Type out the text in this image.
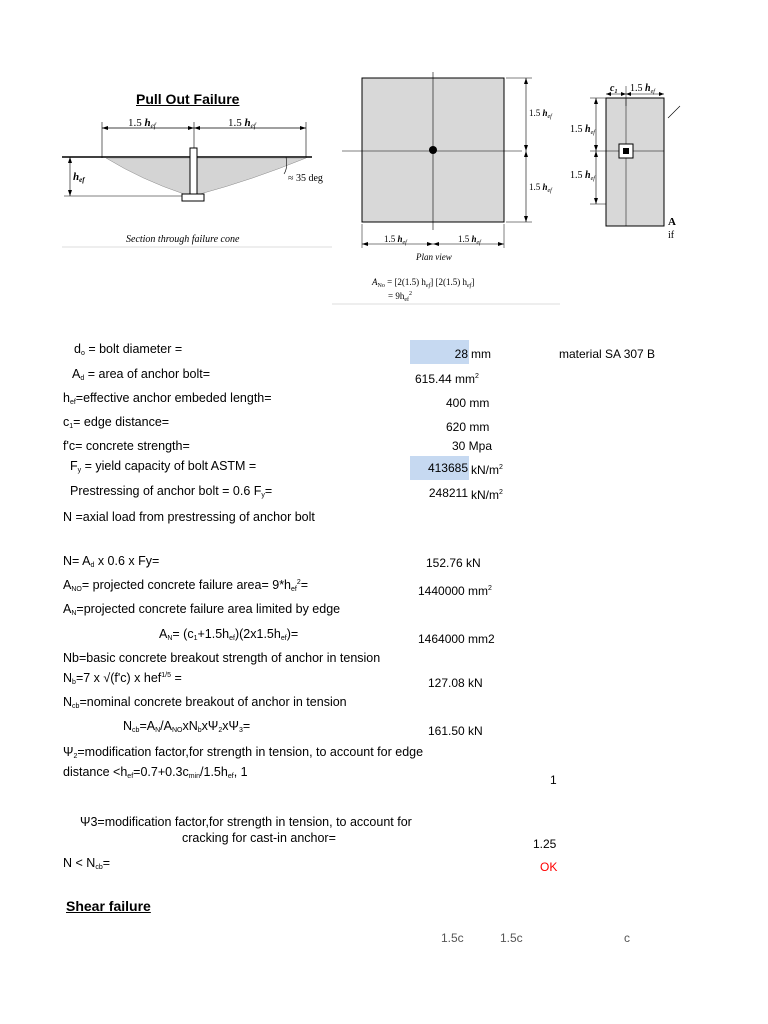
Pull Out Failure
1.5 hef	1.5 hef
hef	≈ 35 deg
Section through failure cone
1.5 $h_{ef}$
1.5 $h_{ef}$
1.5 $h_{ef}$	1.5 $h_{ef}$
Plan view
$A_{No} = [2(1.5)$ $h_{ef}$] [2(1.5) $h_{ef}$]
= $9h_{ef}^2$
$c_1$ 1.5 $h_{ef}$
1.5 $h_{ef}$
1.5 $h_{ef}$
A
if
$d_o$ = bolt diameter =	28 mm	material SA 307 B
$A_d$ = area of anchor bolt=	615.44 $mm^2$
$h_{ef}=effective$ anchor embeded length=	400 mm
$c_1=$ edge distance=	620 mm
f'c= concrete strength=	30 Mpa
$F_y$ = yield capacity of bolt ASTM =	413685 $kN/m^2$
Prestressing of anchor bolt = 0.6 $F_y=$	248211 $kN/m^2$
N =axial load from prestressing of anchor bolt
$N= A_d$ x 0.6 x Fy=	152.76 kN
$A_{NO}=$ projected concrete failure area= $9*h_{ef}^2=$	1440000 $mm^2$
$A_N=projected$ concrete failure area limited by edge
$A_N= (c_1+1.5h_{ef})(2x1.5h_{ef})=$	1464000 mm2
Nb=basic concrete breakout strength of anchor in tension
$N_b=7$ x √(f'c) x hef$^{1/5}$ =	127.08 kN
$N_{cb}=nominal$ concrete breakout of anchor in tension
$N_{cb}=A_N/A_{NO}xN_bx\Psi_2x\Psi_3=$	161.50 kN
$\Psi_2=modification$ factor,for strength in tension, to account for edge
distance $<h_{ef}=0.7+0.3c_{min}/1.5h_{ef}$, 1
1
Ψ3=modification factor,for strength in tension, to account for
cracking for cast-in anchor=	1.25
$N < N_{cb}=$	OK
Shear failure
1.5c	1.5c	c
